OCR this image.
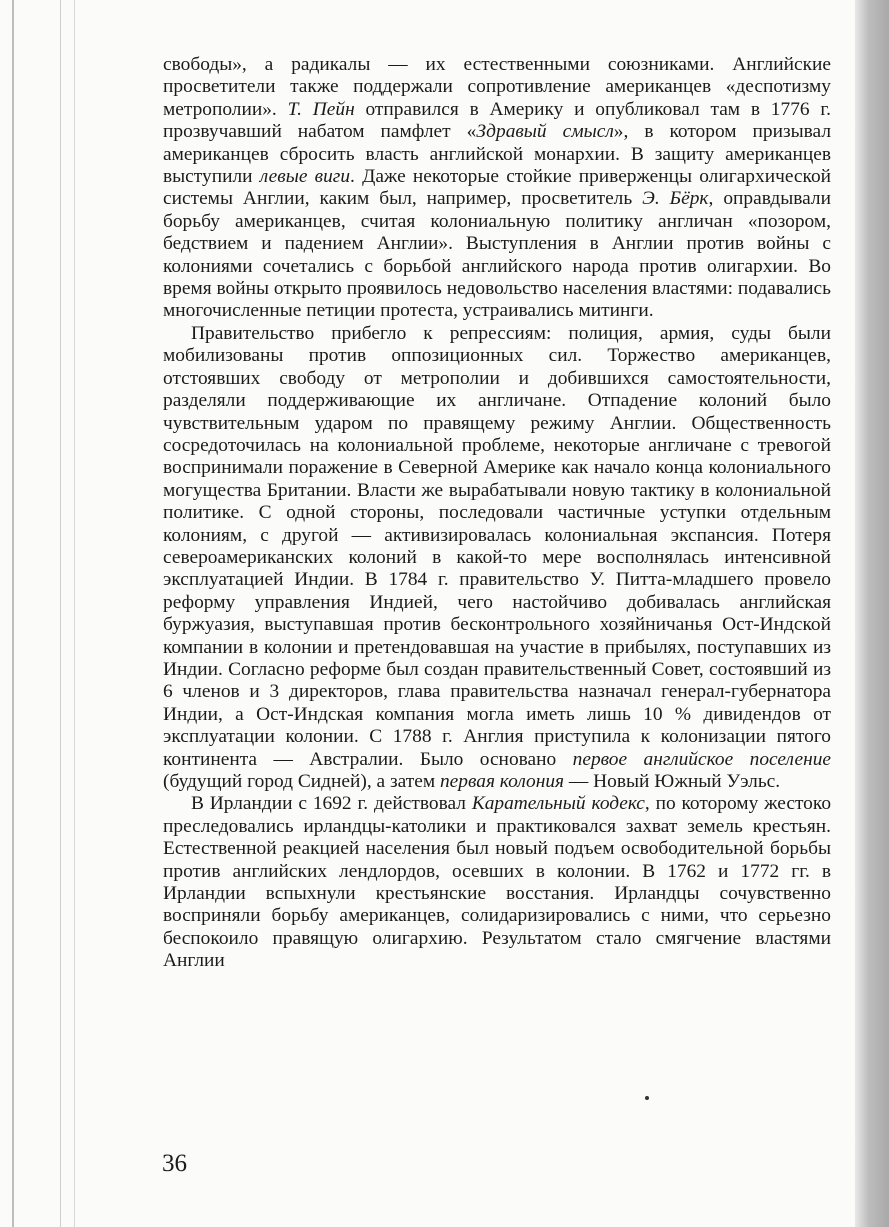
свободы», а радикалы — их естественными союзниками. Английские просветители также поддержали сопротивление американцев «деспотизму метрополии». Т. Пейн отправился в Америку и опубликовал там в 1776 г. прозвучавший набатом памфлет «Здравый смысл», в котором призывал американцев сбросить власть английской монархии. В защиту американцев выступили левые виги. Даже некоторые стойкие приверженцы олигархической системы Англии, каким был, например, просветитель Э. Бёрк, оправдывали борьбу американцев, считая колониальную политику англичан «позором, бедствием и падением Англии». Выступления в Англии против войны с колониями сочетались с борьбой английского народа против олигархии. Во время войны открыто проявилось недовольство населения властями: подавались многочисленные петиции протеста, устраивались митинги.

Правительство прибегло к репрессиям: полиция, армия, суды были мобилизованы против оппозиционных сил. Торжество американцев, отстоявших свободу от метрополии и добившихся самостоятельности, разделяли поддерживающие их англичане. Отпадение колоний было чувствительным ударом по правящему режиму Англии. Общественность сосредоточилась на колониальной проблеме, некоторые англичане с тревогой воспринимали поражение в Северной Америке как начало конца колониального могущества Британии. Власти же вырабатывали новую тактику в колониальной политике. С одной стороны, последовали частичные уступки отдельным колониям, с другой — активизировалась колониальная экспансия. Потеря североамериканских колоний в какой-то мере восполнялась интенсивной эксплуатацией Индии. В 1784 г. правительство У. Питта-младшего провело реформу управления Индией, чего настойчиво добивалась английская буржуазия, выступавшая против бесконтрольного хозяйничанья Ост-Индской компании в колонии и претендовавшая на участие в прибылях, поступавших из Индии. Согласно реформе был создан правительственный Совет, состоявший из 6 членов и 3 директоров, глава правительства назначал генерал-губернатора Индии, а Ост-Индская компания могла иметь лишь 10 % дивидендов от эксплуатации колонии. С 1788 г. Англия приступила к колонизации пятого континента — Австралии. Было основано первое английское поселение (будущий город Сидней), а затем первая колония — Новый Южный Уэльс.

В Ирландии с 1692 г. действовал Карательный кодекс, по которому жестоко преследовались ирландцы-католики и практиковался захват земель крестьян. Естественной реакцией населения был новый подъем освободительной борьбы против английских лендлордов, осевших в колонии. В 1762 и 1772 гг. в Ирландии вспыхнули крестьянские восстания. Ирландцы сочувственно восприняли борьбу американцев, солидаризировались с ними, что серьезно беспокоило правящую олигархию. Результатом стало смягчение властями Англии

36
